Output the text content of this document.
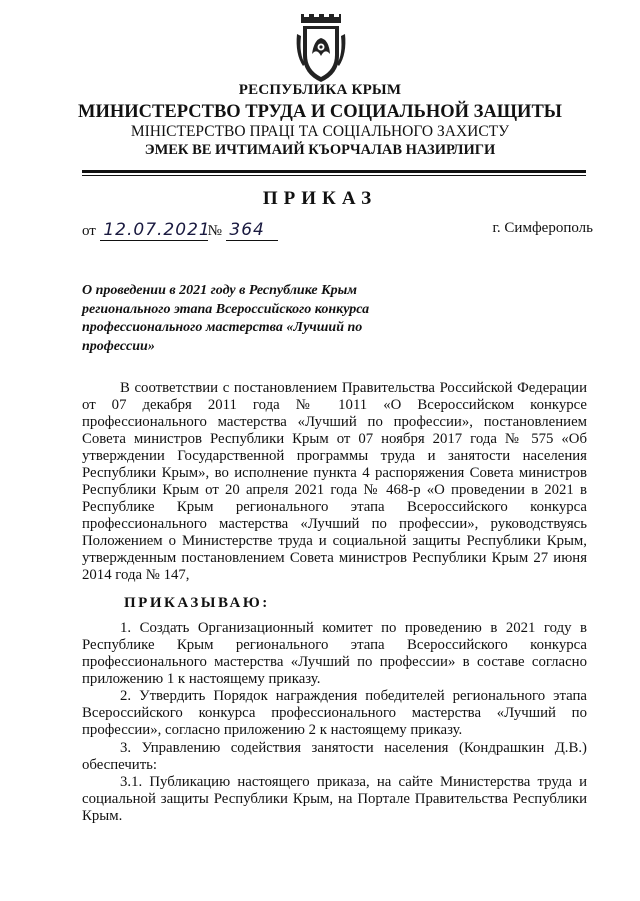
РЕСПУБЛИКА КРЫМ
МИНИСТЕРСТВО ТРУДА И СОЦИАЛЬНОЙ ЗАЩИТЫ
МІНІСТЕРСТВО ПРАЦІ ТА СОЦІАЛЬНОГО ЗАХИСТУ
ЭМЕК ВЕ ИЧТИМАИЙ КЪОРЧАЛАВ НАЗИРЛИГИ
ПРИКАЗ
от 12.07.2021№ 364	г. Симферополь
О проведении в 2021 году в Республике Крым регионального этапа Всероссийского конкурса профессионального мастерства «Лучший по профессии»
В соответствии с постановлением Правительства Российской Федерации от 07 декабря 2011 года № 1011 «О Всероссийском конкурсе профессионального мастерства «Лучший по профессии», постановлением Совета министров Республики Крым от 07 ноября 2017 года № 575 «Об утверждении Государственной программы труда и занятости населения Республики Крым», во исполнение пункта 4 распоряжения Совета министров Республики Крым от 20 апреля 2021 года № 468-р «О проведении в 2021 в Республике Крым регионального этапа Всероссийского конкурса профессионального мастерства «Лучший по профессии», руководствуясь Положением о Министерстве труда и социальной защиты Республики Крым, утвержденным постановлением Совета министров Республики Крым 27 июня 2014 года № 147,
ПРИКАЗЫВАЮ:
1. Создать Организационный комитет по проведению в 2021 году в Республике Крым регионального этапа Всероссийского конкурса профессионального мастерства «Лучший по профессии» в составе согласно приложению 1 к настоящему приказу.
2. Утвердить Порядок награждения победителей регионального этапа Всероссийского конкурса профессионального мастерства «Лучший по профессии», согласно приложению 2 к настоящему приказу.
3. Управлению содействия занятости населения (Кондрашкин Д.В.) обеспечить:
3.1. Публикацию настоящего приказа, на сайте Министерства труда и социальной защиты Республики Крым, на Портале Правительства Республики Крым.
